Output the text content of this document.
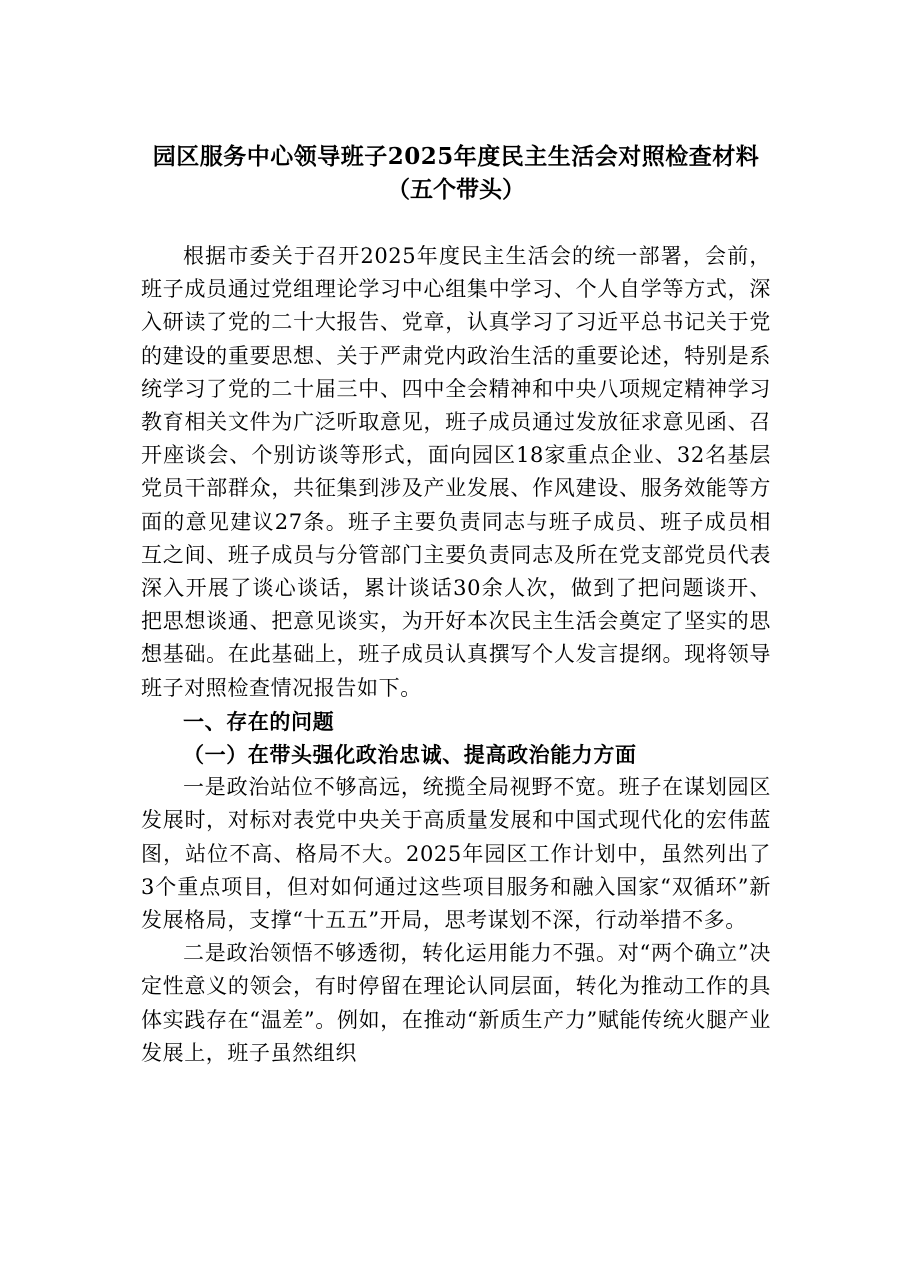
园区服务中心领导班子2025年度民主生活会对照检查材料
（五个带头）

根据市委关于召开2025年度民主生活会的统一部署，会前，班子成员通过党组理论学习中心组集中学习、个人自学等方式，深入研读了党的二十大报告、党章，认真学习了习近平总书记关于党的建设的重要思想、关于严肃党内政治生活的重要论述，特别是系统学习了党的二十届三中、四中全会精神和中央八项规定精神学习教育相关文件为广泛听取意见，班子成员通过发放征求意见函、召开座谈会、个别访谈等形式，面向园区18家重点企业、32名基层党员干部群众，共征集到涉及产业发展、作风建设、服务效能等方面的意见建议27条。班子主要负责同志与班子成员、班子成员相互之间、班子成员与分管部门主要负责同志及所在党支部党员代表深入开展了谈心谈话，累计谈话30余人次，做到了把问题谈开、把思想谈通、把意见谈实，为开好本次民主生活会奠定了坚实的思想基础。在此基础上，班子成员认真撰写个人发言提纲。现将领导班子对照检查情况报告如下。

一、存在的问题

（一）在带头强化政治忠诚、提高政治能力方面

一是政治站位不够高远，统揽全局视野不宽。班子在谋划园区发展时，对标对表党中央关于高质量发展和中国式现代化的宏伟蓝图，站位不高、格局不大。2025年园区工作计划中，虽然列出了3个重点项目，但对如何通过这些项目服务和融入国家“双循环”新发展格局，支撑“十五五”开局，思考谋划不深，行动举措不多。

二是政治领悟不够透彻，转化运用能力不强。对“两个确立”决定性意义的领会，有时停留在理论认同层面，转化为推动工作的具体实践存在“温差”。例如，在推动“新质生产力”赋能传统火腿产业发展上，班子虽然组织
